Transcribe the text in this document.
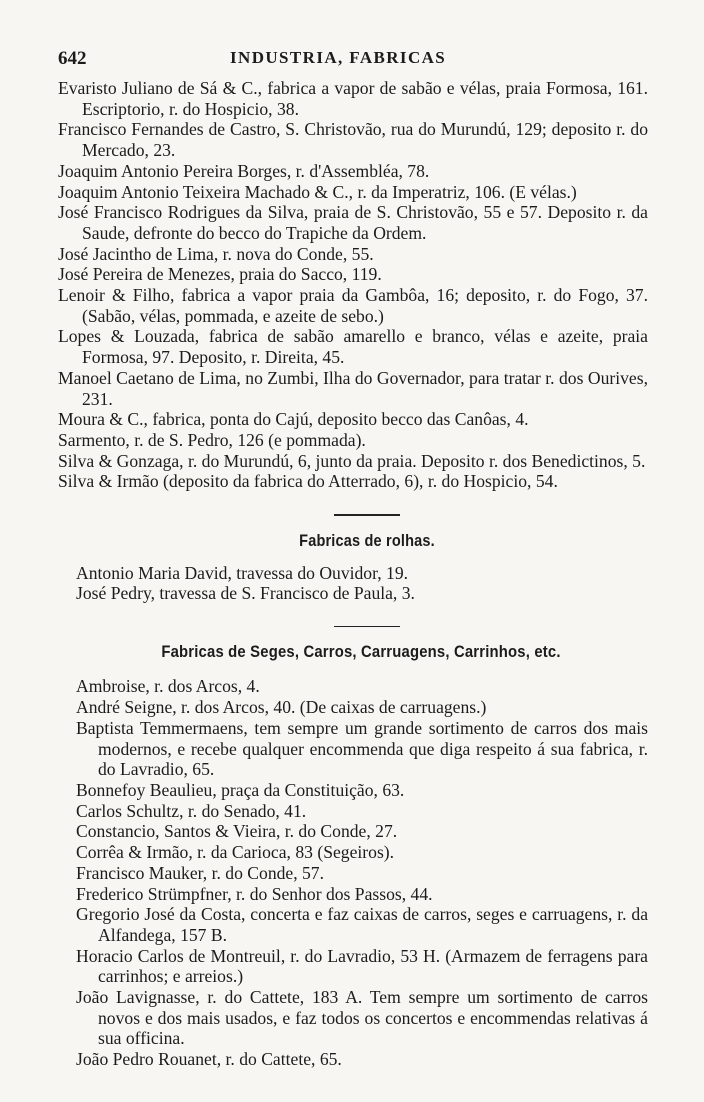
642	INDUSTRIA, FABRICAS
Evaristo Juliano de Sá & C., fabrica a vapor de sabão e vélas, praia Formosa, 161. Escriptorio, r. do Hospicio, 38.
Francisco Fernandes de Castro, S. Christovão, rua do Murundú, 129; deposito r. do Mercado, 23.
Joaquim Antonio Pereira Borges, r. d'Assembléa, 78.
Joaquim Antonio Teixeira Machado & C., r. da Imperatriz, 106. (E vélas.)
José Francisco Rodrigues da Silva, praia de S. Christovão, 55 e 57. Deposito r. da Saude, defronte do becco do Trapiche da Ordem.
José Jacintho de Lima, r. nova do Conde, 55.
José Pereira de Menezes, praia do Sacco, 119.
Lenoir & Filho, fabrica a vapor praia da Gambôa, 16; deposito, r. do Fogo, 37. (Sabão, vélas, pommada, e azeite de sebo.)
Lopes & Louzada, fabrica de sabão amarello e branco, vélas e azeite, praia Formosa, 97. Deposito, r. Direita, 45.
Manoel Caetano de Lima, no Zumbi, Ilha do Governador, para tratar r. dos Ourives, 231.
Moura & C., fabrica, ponta do Cajú, deposito becco das Canôas, 4.
Sarmento, r. de S. Pedro, 126 (e pommada).
Silva & Gonzaga, r. do Murundú, 6, junto da praia. Deposito r. dos Benedictinos, 5.
Silva & Irmão (deposito da fabrica do Atterrado, 6), r. do Hospicio, 54.
Fabricas de rolhas.
Antonio Maria David, travessa do Ouvidor, 19.
José Pedry, travessa de S. Francisco de Paula, 3.
Fabricas de Seges, Carros, Carruagens, Carrinhos, etc.
Ambroise, r. dos Arcos, 4.
André Seigne, r. dos Arcos, 40. (De caixas de carruagens.)
Baptista Temmermaens, tem sempre um grande sortimento de carros dos mais modernos, e recebe qualquer encommenda que diga respeito á sua fabrica, r. do Lavradio, 65.
Bonnefoy Beaulieu, praça da Constituição, 63.
Carlos Schultz, r. do Senado, 41.
Constancio, Santos & Vieira, r. do Conde, 27.
Corrêa & Irmão, r. da Carioca, 83 (Segeiros).
Francisco Mauker, r. do Conde, 57.
Frederico Strümpfner, r. do Senhor dos Passos, 44.
Gregorio José da Costa, concerta e faz caixas de carros, seges e carruagens, r. da Alfandega, 157 B.
Horacio Carlos de Montreuil, r. do Lavradio, 53 H. (Armazem de ferragens para carrinhos; e arreios.)
João Lavignasse, r. do Cattete, 183 A. Tem sempre um sortimento de carros novos e dos mais usados, e faz todos os concertos e encommendas relativas á sua officina.
João Pedro Rouanet, r. do Cattete, 65.
